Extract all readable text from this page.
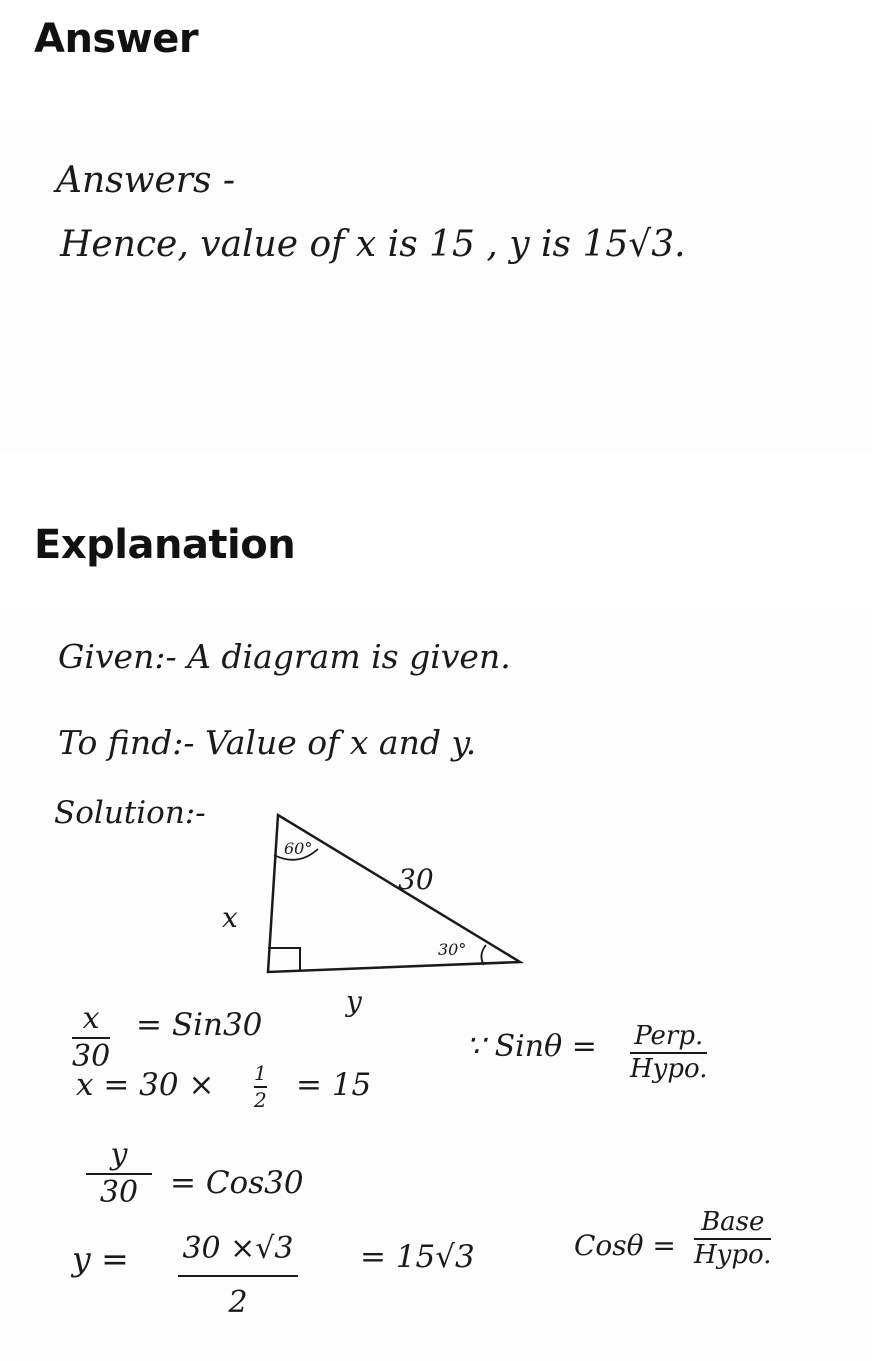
Answer
Answers -
Hence, value of x is 15 , y is 15√3.
Explanation
Given:- A diagram is given.
To find:- Value of x and y.
Solution:-
60°
30°
30
x
y
x
30
= Sin30
∵ Sinθ = Perp.
Hypo.
x = 30 × 1
2 = 15
y
30 = Cos30
y = 30 ×√3
2
= 15√3	Cosθ =
Base
Hypo.
